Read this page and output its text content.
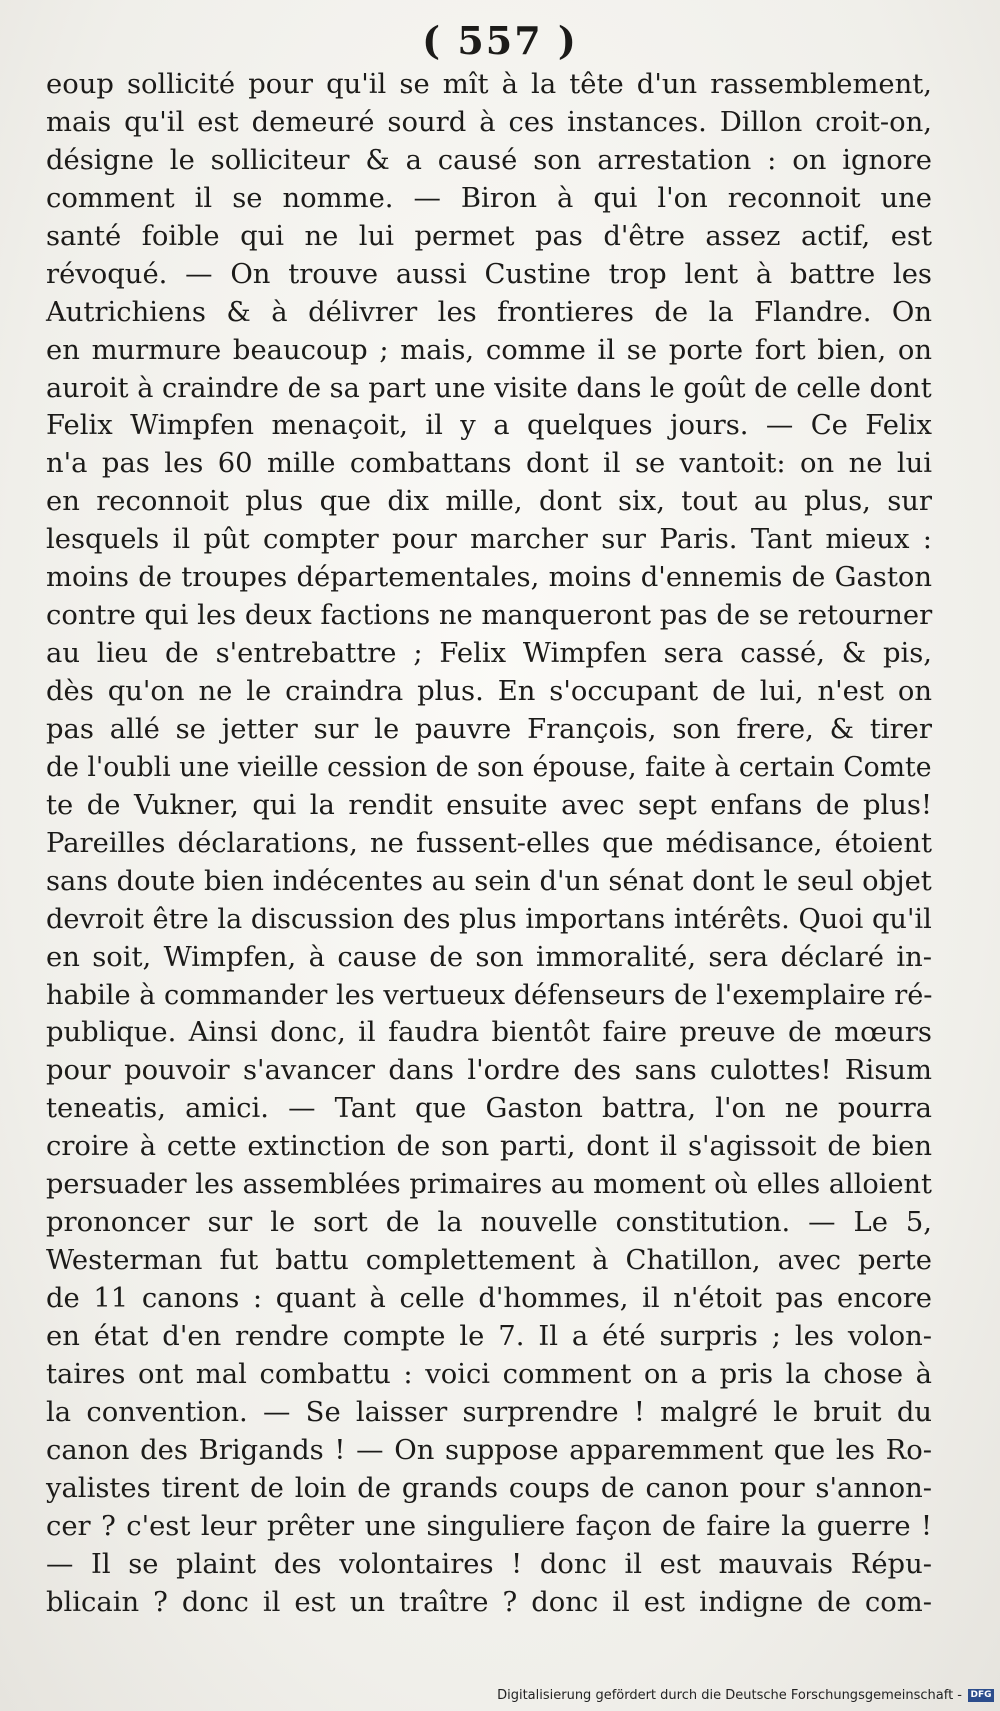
( 557 )
eoup sollicité pour qu'il se mît à la tête d'un rassemblement,
mais qu'il est demeuré sourd à ces instances. Dillon croit-on,
désigne le solliciteur & a causé son arrestation : on ignore
comment il se nomme. — Biron à qui l'on reconnoit une
santé foible qui ne lui permet pas d'être assez actif, est
révoqué. — On trouve aussi Custine trop lent à battre les
Autrichiens & à délivrer les frontieres de la Flandre. On
en murmure beaucoup ; mais, comme il se porte fort bien, on
auroit à craindre de sa part une visite dans le goût de celle dont
Felix Wimpfen menaçoit, il y a quelques jours. — Ce Felix
n'a pas les 60 mille combattans dont il se vantoit: on ne lui
en reconnoit plus que dix mille, dont six, tout au plus, sur
lesquels il pût compter pour marcher sur Paris. Tant mieux :
moins de troupes départementales, moins d'ennemis de Gaston
contre qui les deux factions ne manqueront pas de se retourner
au lieu de s'entrebattre ; Felix Wimpfen sera cassé, & pis,
dès qu'on ne le craindra plus. En s'occupant de lui, n'est on
pas allé se jetter sur le pauvre François, son frere, & tirer
de l'oubli une vieille cession de son épouse, faite à certain Comte
te de Vukner, qui la rendit ensuite avec sept enfans de plus!
Pareilles déclarations, ne fussent-elles que médisance, étoient
sans doute bien indécentes au sein d'un sénat dont le seul objet
devroit être la discussion des plus importans intérêts. Quoi qu'il
en soit, Wimpfen, à cause de son immoralité, sera déclaré in-
habile à commander les vertueux défenseurs de l'exemplaire ré-
publique. Ainsi donc, il faudra bientôt faire preuve de mœurs
pour pouvoir s'avancer dans l'ordre des sans culottes! Risum
teneatis, amici. — Tant que Gaston battra, l'on ne pourra
croire à cette extinction de son parti, dont il s'agissoit de bien
persuader les assemblées primaires au moment où elles alloient
prononcer sur le sort de la nouvelle constitution. — Le 5,
Westerman fut battu complettement à Chatillon, avec perte
de 11 canons : quant à celle d'hommes, il n'étoit pas encore
en état d'en rendre compte le 7. Il a été surpris ; les volon-
taires ont mal combattu : voici comment on a pris la chose à
la convention. — Se laisser surprendre ! malgré le bruit du
canon des Brigands ! — On suppose apparemment que les Ro-
yalistes tirent de loin de grands coups de canon pour s'annon-
cer ? c'est leur prêter une singuliere façon de faire la guerre !
— Il se plaint des volontaires ! donc il est mauvais Répu-
blicain ? donc il est un traître ? donc il est indigne de com-
Digitalisierung gefördert durch die Deutsche Forschungsgemeinschaft - DFG
